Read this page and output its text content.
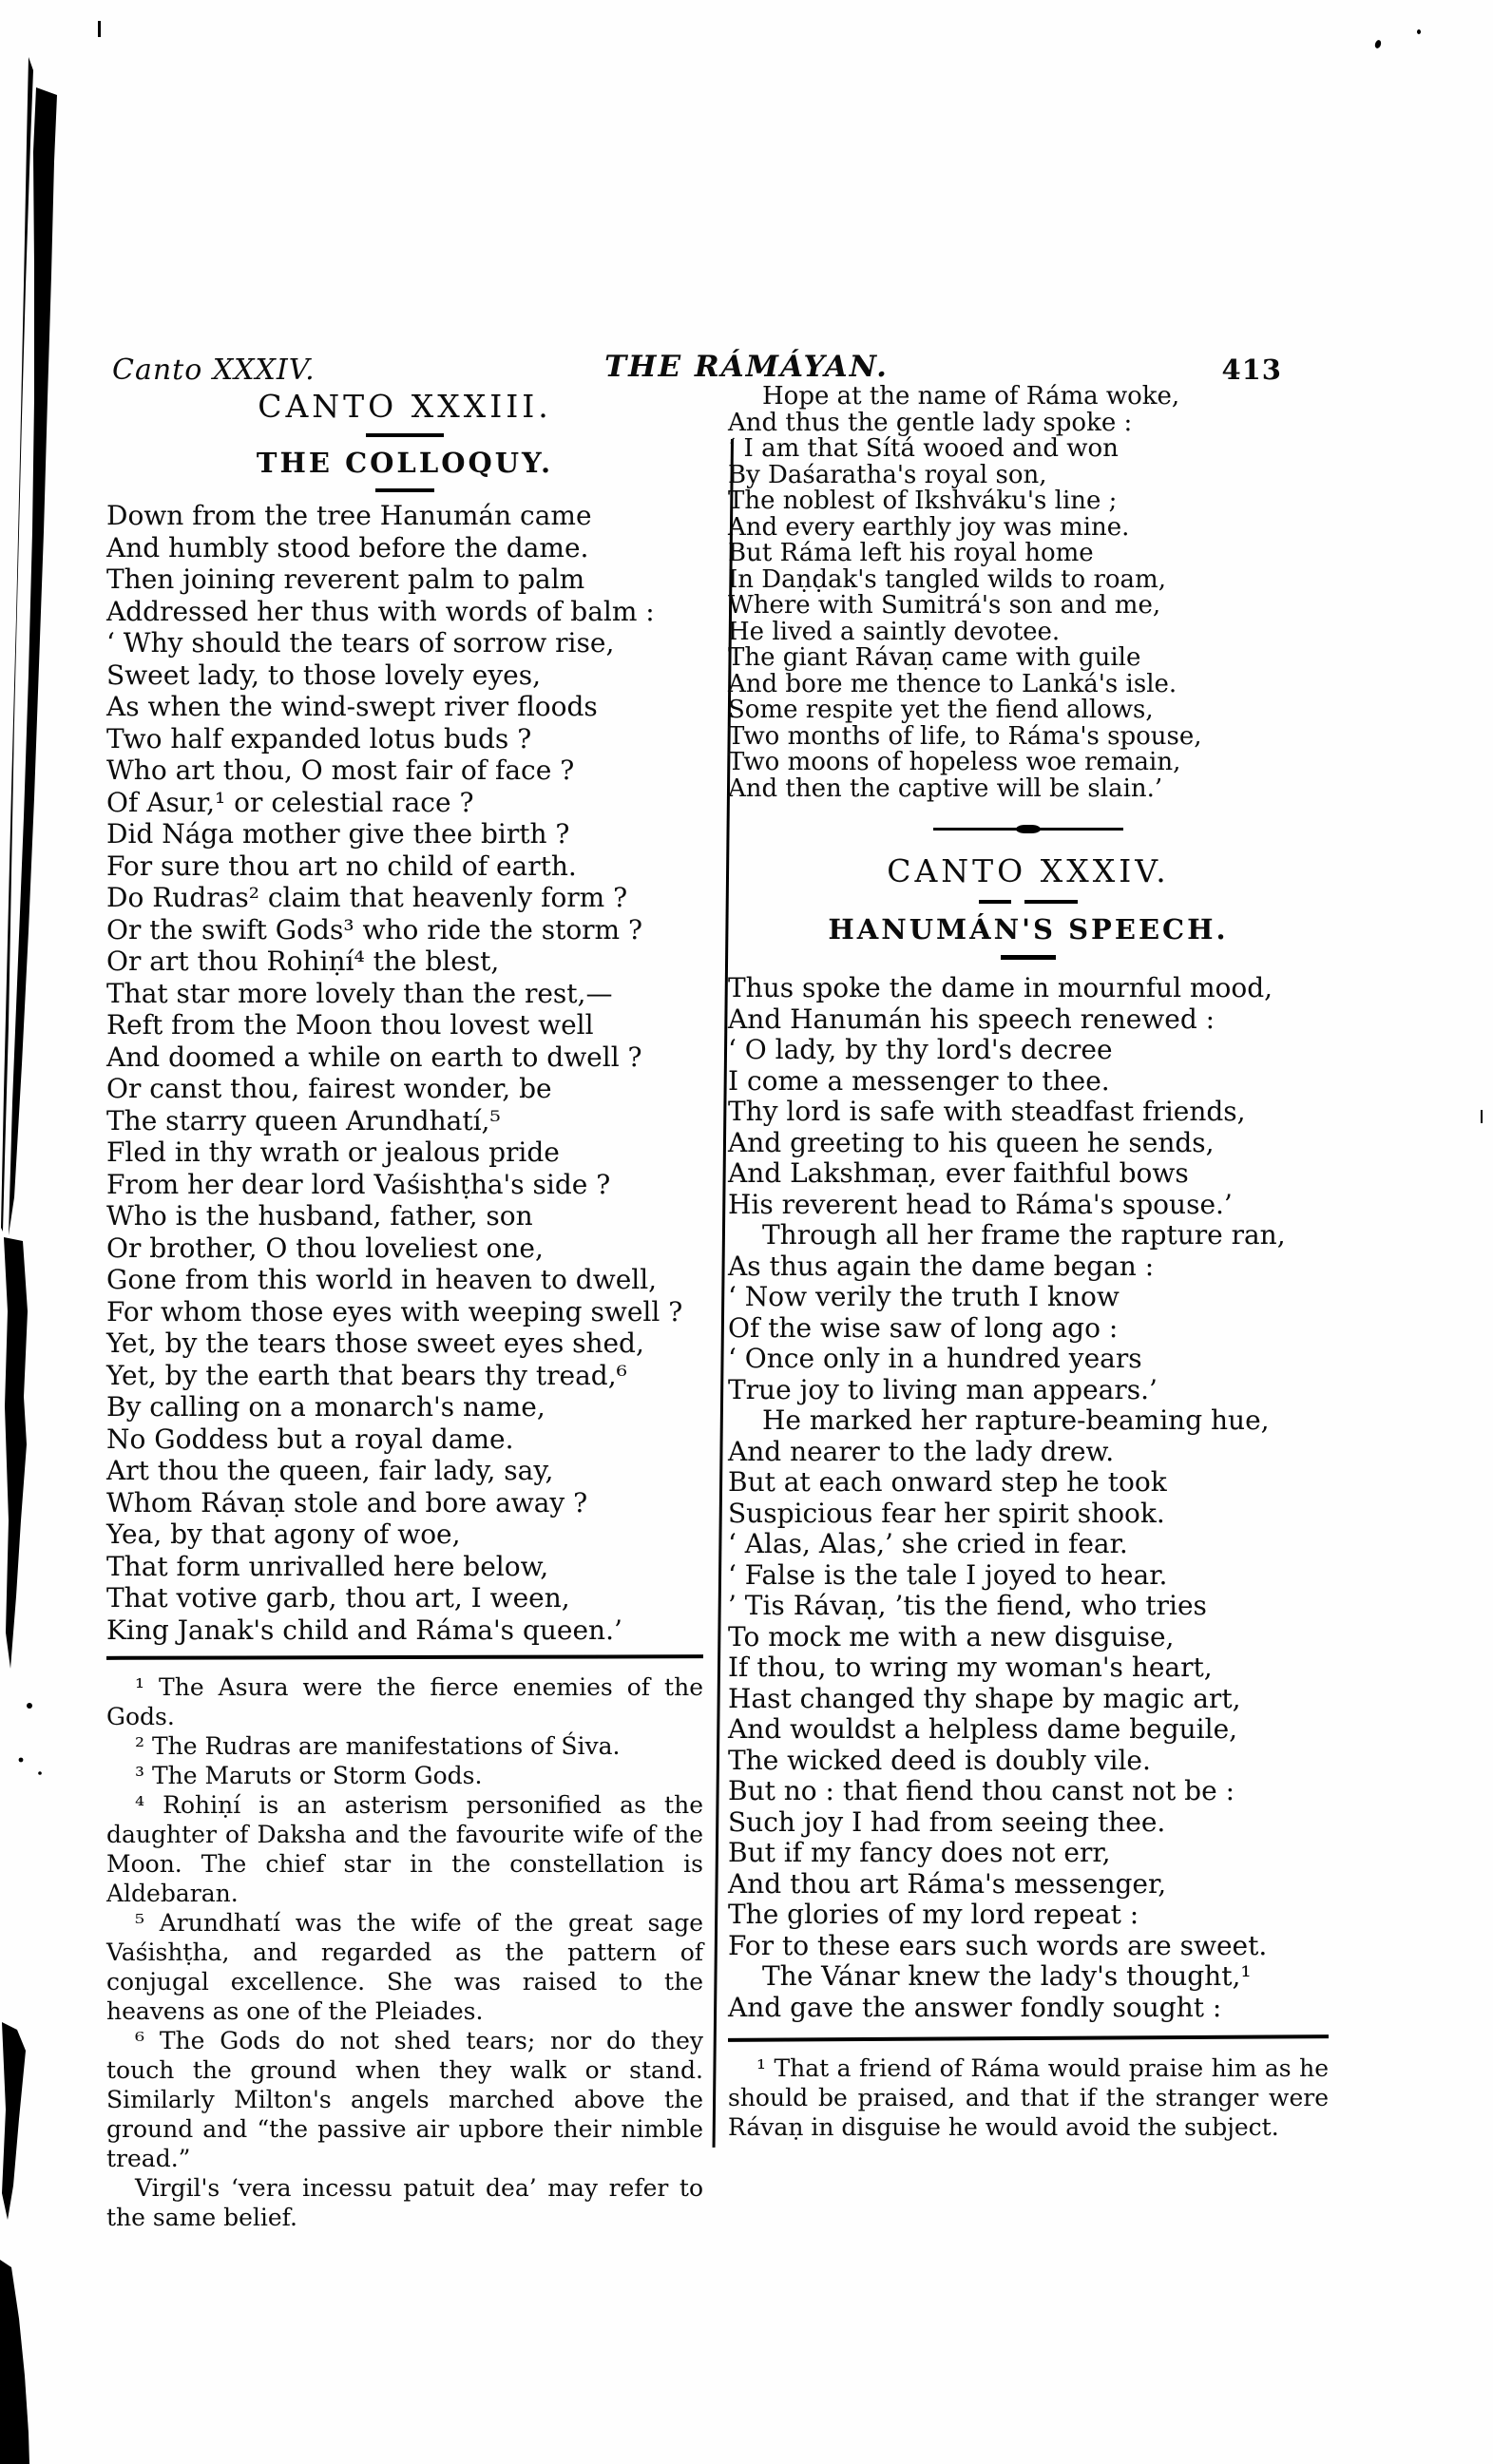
Canto XXXIV.	THE RÁMÁYAN.	413
CANTO XXXIII.
THE COLLOQUY.
Down from the tree Hanumán came
And humbly stood before the dame.
Then joining reverent palm to palm
Addressed her thus with words of balm :
‘ Why should the tears of sorrow rise,
Sweet lady, to those lovely eyes,
As when the wind-swept river floods
Two half expanded lotus buds ?
Who art thou, O most fair of face ?
Of Asur,¹ or celestial race ?
Did Nága mother give thee birth ?
For sure thou art no child of earth.
Do Rudras² claim that heavenly form ?
Or the swift Gods³ who ride the storm ?
Or art thou Rohiṇí⁴ the blest,
That star more lovely than the rest,—
Reft from the Moon thou lovest well
And doomed a while on earth to dwell ?
Or canst thou, fairest wonder, be
The starry queen Arundhatí,⁵
Fled in thy wrath or jealous pride
From her dear lord Vaśishṭha's side ?
Who is the husband, father, son
Or brother, O thou loveliest one,
Gone from this world in heaven to dwell,
For whom those eyes with weeping swell ?
Yet, by the tears those sweet eyes shed,
Yet, by the earth that bears thy tread,⁶
By calling on a monarch's name,
No Goddess but a royal dame.
Art thou the queen, fair lady, say,
Whom Rávaṇ stole and bore away ?
Yea, by that agony of woe,
That form unrivalled here below,
That votive garb, thou art, I ween,
King Janak's child and Ráma's queen.’

¹ The Asura were the fierce enemies of the Gods.

² The Rudras are manifestations of Śiva.

³ The Maruts or Storm Gods.

⁴ Rohiṇí is an asterism personified as the daughter of Daksha and the favourite wife of the Moon. The chief star in the constellation is Aldebaran.

⁵ Arundhatí was the wife of the great sage Vaśishṭha, and regarded as the pattern of conjugal excellence. She was raised to the heavens as one of the Pleiades.

⁶ The Gods do not shed tears; nor do they touch the ground when they walk or stand. Similarly Milton's angels marched above the ground and “the passive air upbore their nimble tread.”

Virgil's ‘vera incessu patuit dea’ may refer to the same belief.

Hope at the name of Ráma woke,
And thus the gentle lady spoke :
‘ I am that Sítá wooed and won
By Daśaratha's royal son,
The noblest of Ikshváku's line ;
And every earthly joy was mine.
But Ráma left his royal home
In Daṇḍak's tangled wilds to roam,
Where with Sumitrá's son and me,
He lived a saintly devotee.
The giant Rávaṇ came with guile
And bore me thence to Lanká's isle.
Some respite yet the fiend allows,
Two months of life, to Ráma's spouse,
Two moons of hopeless woe remain,
And then the captive will be slain.’
CANTO XXXIV.
HANUMÁN'S SPEECH.
Thus spoke the dame in mournful mood,
And Hanumán his speech renewed :
‘ O lady, by thy lord's decree
I come a messenger to thee.
Thy lord is safe with steadfast friends,
And greeting to his queen he sends,
And Lakshmaṇ, ever faithful bows
His reverent head to Ráma's spouse.’
Through all her frame the rapture ran,
As thus again the dame began :
‘ Now verily the truth I know
Of the wise saw of long ago :
‘ Once only in a hundred years
True joy to living man appears.’
He marked her rapture-beaming hue,
And nearer to the lady drew.
But at each onward step he took
Suspicious fear her spirit shook.
‘ Alas, Alas,’ she cried in fear.
‘ False is the tale I joyed to hear.
’ Tis Rávaṇ, ’tis the fiend, who tries
To mock me with a new disguise,
If thou, to wring my woman's heart,
Hast changed thy shape by magic art,
And wouldst a helpless dame beguile,
The wicked deed is doubly vile.
But no : that fiend thou canst not be :
Such joy I had from seeing thee.
But if my fancy does not err,
And thou art Ráma's messenger,
The glories of my lord repeat :
For to these ears such words are sweet.
The Vánar knew the lady's thought,¹
And gave the answer fondly sought :

¹ That a friend of Ráma would praise him as he should be praised, and that if the stranger were Rávaṇ in disguise he would avoid the subject.
